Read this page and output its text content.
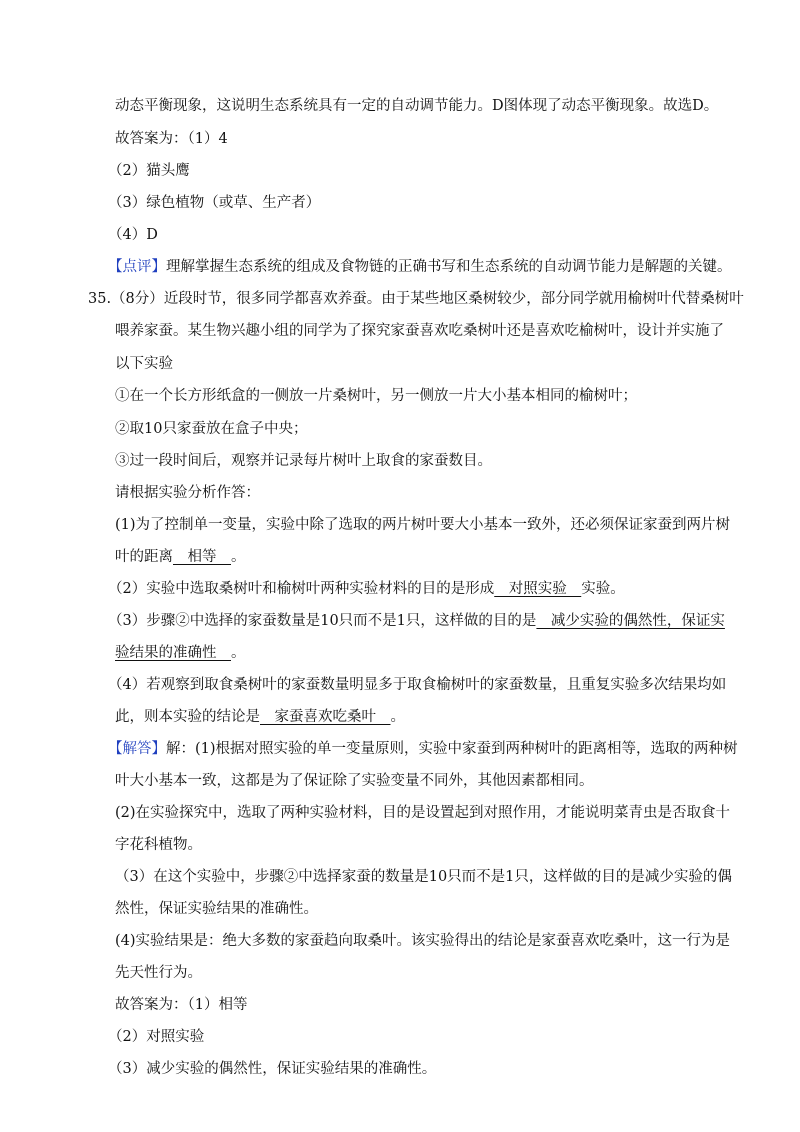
动态平衡现象，这说明生态系统具有一定的自动调节能力。D图体现了动态平衡现象。故选D。
故答案为：（1）4
（2）猫头鹰
（3）绿色植物（或草、生产者）
（4）D
【点评】理解掌握生态系统的组成及食物链的正确书写和生态系统的自动调节能力是解题的关键。
35.（8分）近段时节，很多同学都喜欢养蚕。由于某些地区桑树较少，部分同学就用榆树叶代替桑树叶
喂养家蚕。某生物兴趣小组的同学为了探究家蚕喜欢吃桑树叶还是喜欢吃榆树叶，设计并实施了
以下实验
①在一个长方形纸盒的一侧放一片桑树叶，另一侧放一片大小基本相同的榆树叶；
②取10只家蚕放在盒子中央；
③过一段时间后，观察并记录每片树叶上取食的家蚕数目。
请根据实验分析作答：
(1)为了控制单一变量，实验中除了选取的两片树叶要大小基本一致外，还必须保证家蚕到两片树
叶的距离　相等　。
（2）实验中选取桑树叶和榆树叶两种实验材料的目的是形成　对照实验　实验。
（3）步骤②中选择的家蚕数量是10只而不是1只，这样做的目的是　减少实验的偶然性，保证实
验结果的准确性　。
（4）若观察到取食桑树叶的家蚕数量明显多于取食榆树叶的家蚕数量，且重复实验多次结果均如
此，则本实验的结论是　家蚕喜欢吃桑叶　。
【解答】解：(1)根据对照实验的单一变量原则，实验中家蚕到两种树叶的距离相等，选取的两种树
叶大小基本一致，这都是为了保证除了实验变量不同外，其他因素都相同。
(2)在实验探究中，选取了两种实验材料，目的是设置起到对照作用，才能说明菜青虫是否取食十
字花科植物。
（3）在这个实验中，步骤②中选择家蚕的数量是10只而不是1只，这样做的目的是减少实验的偶
然性，保证实验结果的准确性。
(4)实验结果是：绝大多数的家蚕趋向取桑叶。该实验得出的结论是家蚕喜欢吃桑叶，这一行为是
先天性行为。
故答案为：（1）相等
（2）对照实验
（3）减少实验的偶然性，保证实验结果的准确性。
